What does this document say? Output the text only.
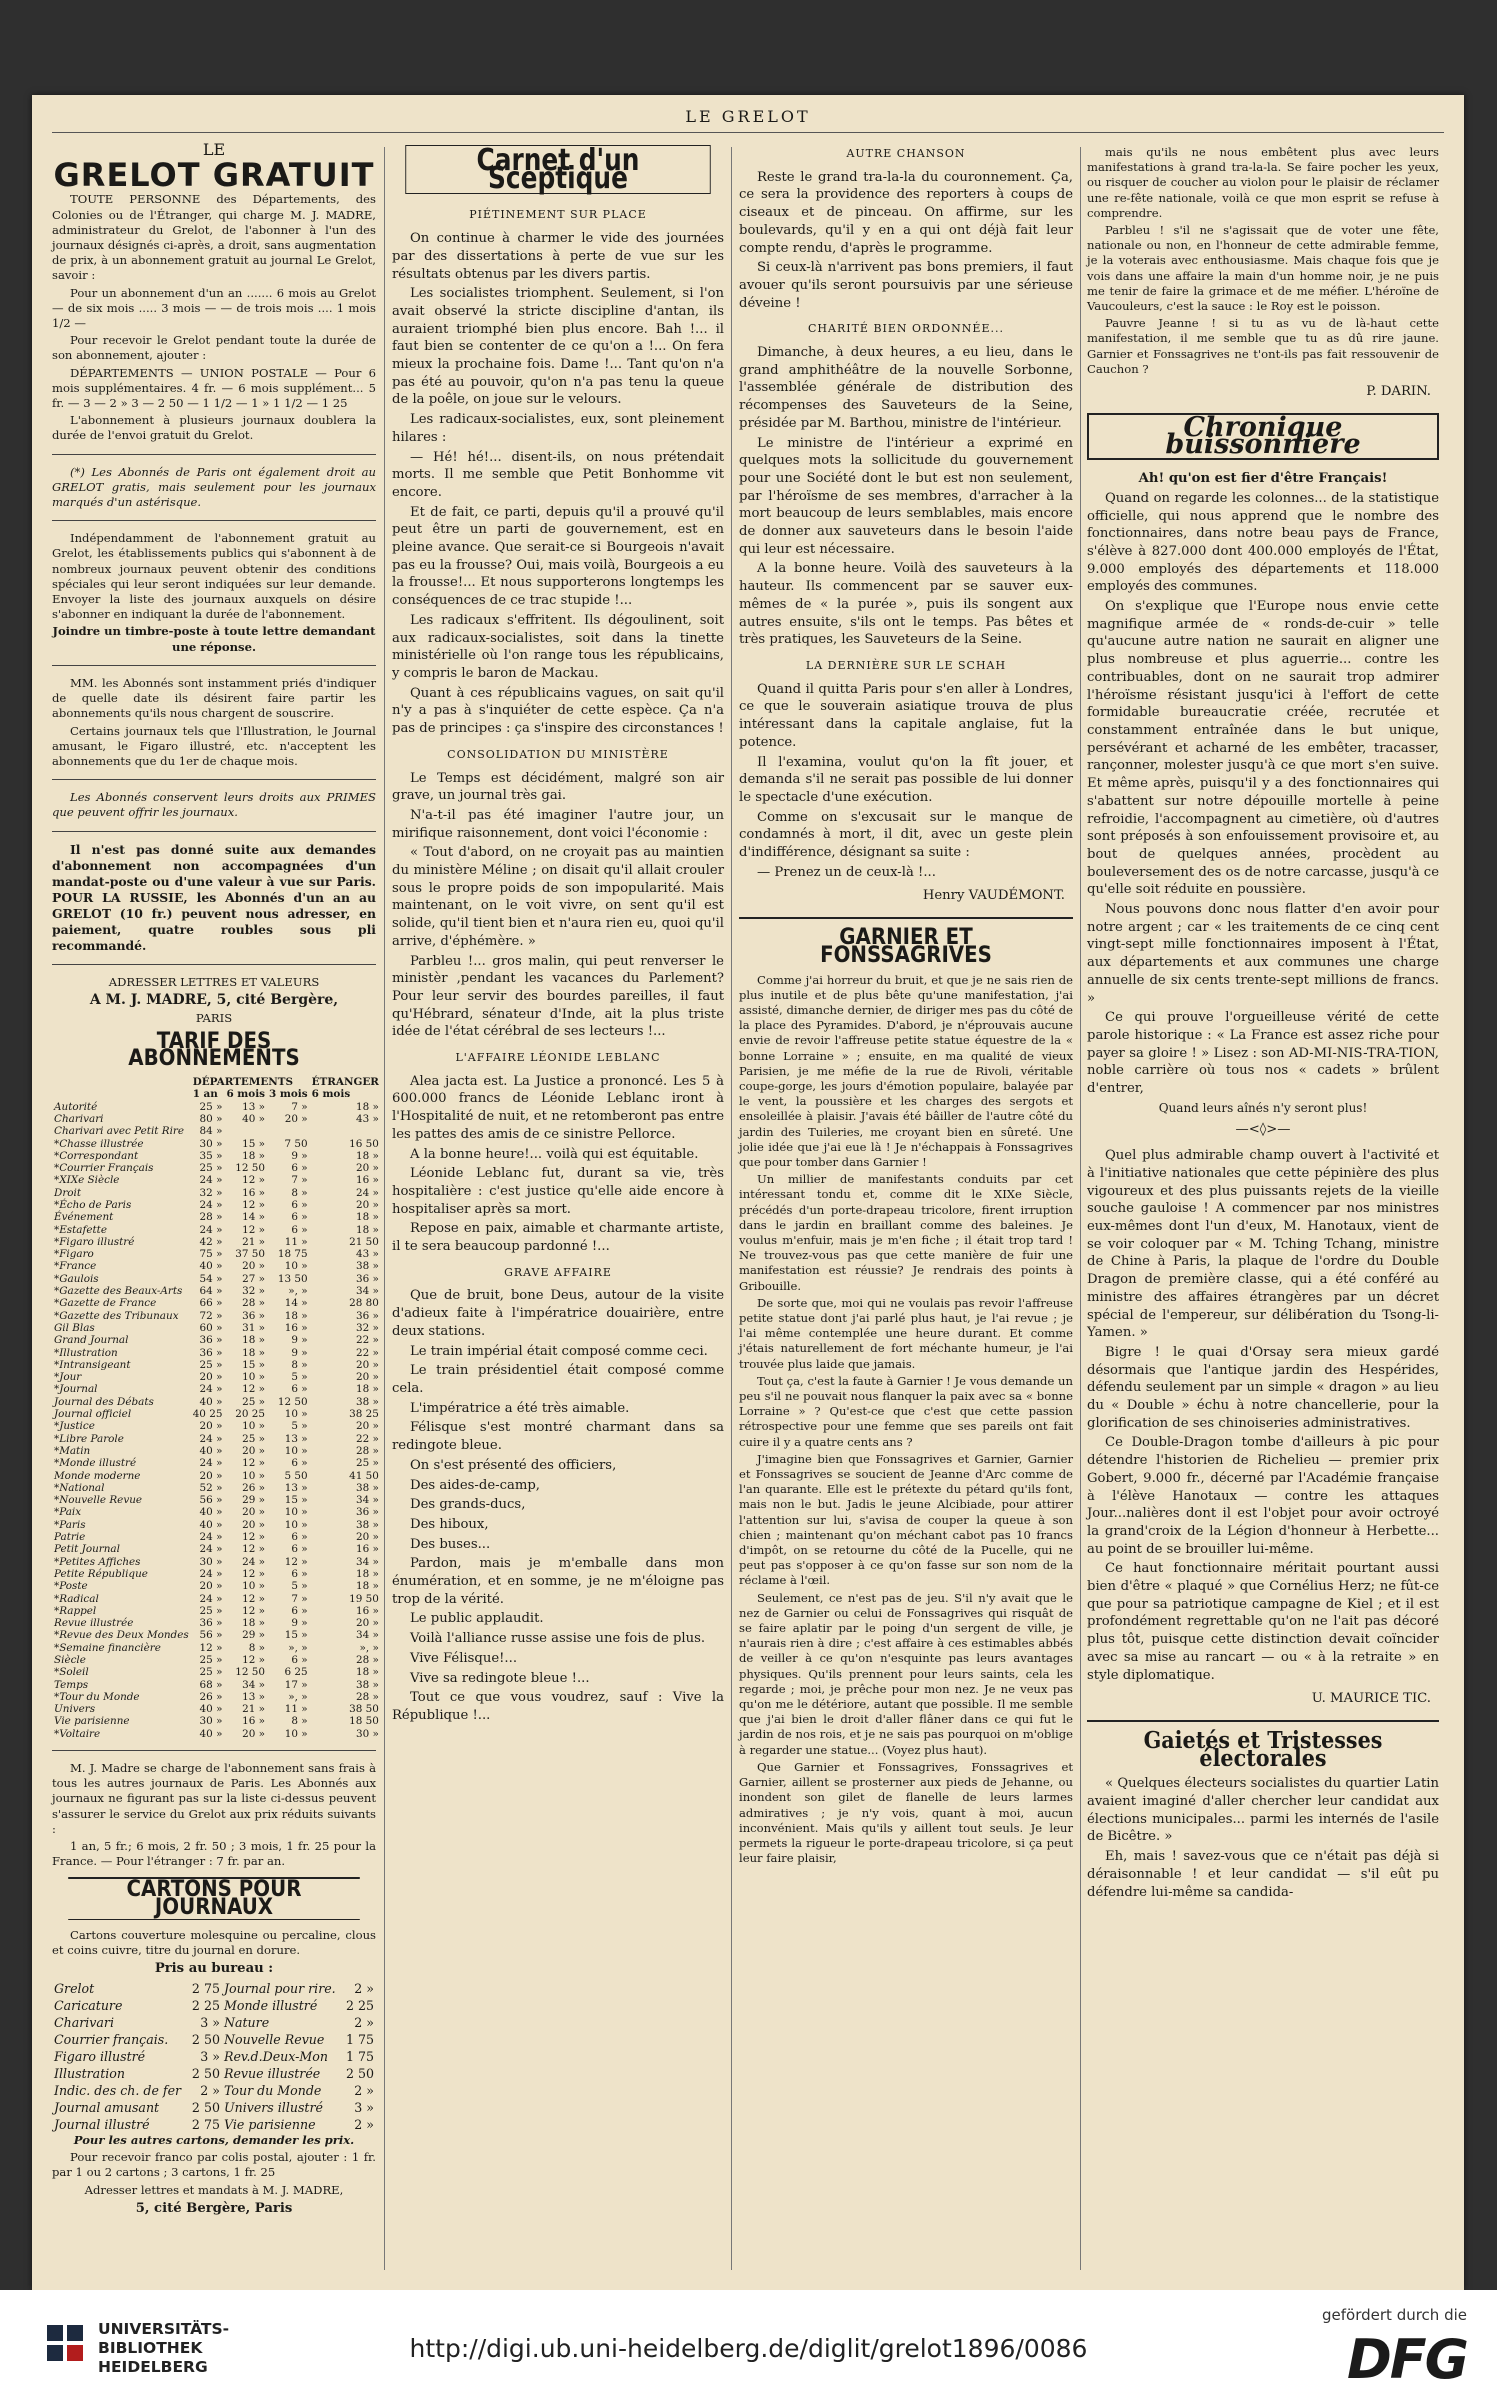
LE GRELOT
LE
GRELOT GRATUIT

TOUTE PERSONNE des Départements, des Colonies ou de l'Étranger, qui charge M. J. MADRE, administrateur du Grelot, de l'abonner à l'un des journaux désignés ci-après, a droit, sans augmentation de prix, à un abonnement gratuit au journal Le Grelot, savoir :

Pour un abonnement d'un an ....... 6 mois au Grelot — de six mois ..... 3 mois — — de trois mois .... 1 mois 1/2 —

Pour recevoir le Grelot pendant toute la durée de son abonnement, ajouter :

DÉPARTEMENTS — UNION POSTALE — Pour 6 mois supplémentaires. 4 fr. — 6 mois supplément... 5 fr. — 3 — 2 » 3 — 2 50 — 1 1/2 — 1 » 1 1/2 — 1 25

L'abonnement à plusieurs journaux doublera la durée de l'envoi gratuit du Grelot.

(*) Les Abonnés de Paris ont également droit au GRELOT gratis, mais seulement pour les journaux marqués d'un astérisque.

Indépendamment de l'abonnement gratuit au Grelot, les établissements publics qui s'abonnent à de nombreux journaux peuvent obtenir des conditions spéciales qui leur seront indiquées sur leur demande. Envoyer la liste des journaux auxquels on désire s'abonner en indiquant la durée de l'abonnement.

Joindre un timbre-poste à toute lettre demandant une réponse.

MM. les Abonnés sont instamment priés d'indiquer de quelle date ils désirent faire partir les abonnements qu'ils nous chargent de souscrire.

Certains journaux tels que l'Illustration, le Journal amusant, le Figaro illustré, etc. n'acceptent les abonnements que du 1er de chaque mois.

Les Abonnés conservent leurs droits aux PRIMES que peuvent offrir les journaux.

Il n'est pas donné suite aux demandes d'abonnement non accompagnées d'un mandat-poste ou d'une valeur à vue sur Paris. POUR LA RUSSIE, les Abonnés d'un an au GRELOT (10 fr.) peuvent nous adresser, en paiement, quatre roubles sous pli recommandé.

ADRESSER LETTRES ET VALEURS

A M. J. MADRE, 5, cité Bergère,

PARIS

TARIF DES ABONNEMENTS
	DÉPARTEMENTS			ÉTRANGER
	1 an	6 mois	3 mois	6 mois
Autorité	25 »	13 »	7 »	18 »
Charivari	80 »	40 »	20 »	43 »
Charivari avec Petit Rire	84 »			
*Chasse illustrée	30 »	15 »	7 50	16 50
*Correspondant	35 »	18 »	9 »	18 »
*Courrier Français	25 »	12 50	6 »	20 »
*XIXe Siècle	24 »	12 »	7 »	16 »
Droit	32 »	16 »	8 »	24 »
*Écho de Paris	24 »	12 »	6 »	20 »
Événement	28 »	14 »	6 »	18 »
*Estafette	24 »	12 »	6 »	18 »
*Figaro illustré	42 »	21 »	11 »	21 50
*Figaro	75 »	37 50	18 75	43 »
*France	40 »	20 »	10 »	38 »
*Gaulois	54 »	27 »	13 50	36 »
*Gazette des Beaux-Arts	64 »	32 »	», »	34 »
*Gazette de France	66 »	28 »	14 »	28 80
*Gazette des Tribunaux	72 »	36 »	18 »	36 »
Gil Blas	60 »	31 »	16 »	32 »
Grand Journal	36 »	18 »	9 »	22 »
*Illustration	36 »	18 »	9 »	22 »
*Intransigeant	25 »	15 »	8 »	20 »
*Jour	20 »	10 »	5 »	20 »
*Journal	24 »	12 »	6 »	18 »
Journal des Débats	40 »	25 »	12 50	38 »
Journal officiel	40 25	20 25	10 »	38 25
*Justice	20 »	10 »	5 »	20 »
*Libre Parole	24 »	25 »	13 »	22 »
*Matin	40 »	20 »	10 »	28 »
*Monde illustré	24 »	12 »	6 »	25 »
Monde moderne	20 »	10 »	5 50	41 50
*National	52 »	26 »	13 »	38 »
*Nouvelle Revue	56 »	29 »	15 »	34 »
*Paix	40 »	20 »	10 »	36 »
*Paris	40 »	20 »	10 »	38 »
Patrie	24 »	12 »	6 »	20 »
Petit Journal	24 »	12 »	6 »	16 »
*Petites Affiches	30 »	24 »	12 »	34 »
Petite République	24 »	12 »	6 »	18 »
*Poste	20 »	10 »	5 »	18 »
*Radical	24 »	12 »	7 »	19 50
*Rappel	25 »	12 »	6 »	16 »
Revue illustrée	36 »	18 »	9 »	20 »
*Revue des Deux Mondes	56 »	29 »	15 »	34 »
*Semaine financière	12 »	8 »	», »	», »
Siècle	25 »	12 »	6 »	28 »
*Soleil	25 »	12 50	6 25	18 »
Temps	68 »	34 »	17 »	38 »
*Tour du Monde	26 »	13 »	», »	28 »
Univers	40 »	21 »	11 »	38 50
Vie parisienne	30 »	16 »	8 »	18 50
*Voltaire	40 »	20 »	10 »	30 »

M. J. Madre se charge de l'abonnement sans frais à tous les autres journaux de Paris. Les Abonnés aux journaux ne figurant pas sur la liste ci-dessus peuvent s'assurer le service du Grelot aux prix réduits suivants :

1 an, 5 fr.; 6 mois, 2 fr. 50 ; 3 mois, 1 fr. 25 pour la France. — Pour l'étranger : 7 fr. par an.

CARTONS POUR JOURNAUX

Cartons couverture molesquine ou percaline, clous et coins cuivre, titre du journal en dorure.

Pris au bureau :

Grelot	2 75	Journal pour rire.	2 »
Caricature	2 25	Monde illustré	2 25
Charivari	3 »	Nature	2 »
Courrier français.	2 50	Nouvelle Revue	1 75
Figaro illustré	3 »	Rev.d.Deux-Mon	1 75
Illustration	2 50	Revue illustrée	2 50
Indic. des ch. de fer	2 »	Tour du Monde	2 »
Journal amusant	2 50	Univers illustré	3 »
Journal illustré	2 75	Vie parisienne	2 »

Pour les autres cartons, demander les prix.

Pour recevoir franco par colis postal, ajouter : 1 fr. par 1 ou 2 cartons ; 3 cartons, 1 fr. 25

Adresser lettres et mandats à M. J. MADRE,

5, cité Bergère, Paris

Carnet d'un Sceptique
PIÉTINEMENT SUR PLACE

On continue à charmer le vide des journées par des dissertations à perte de vue sur les résultats obtenus par les divers partis.

Les socialistes triomphent. Seulement, si l'on avait observé la stricte discipline d'antan, ils auraient triomphé bien plus encore. Bah !... il faut bien se contenter de ce qu'on a !... On fera mieux la prochaine fois. Dame !... Tant qu'on n'a pas été au pouvoir, qu'on n'a pas tenu la queue de la poêle, on joue sur le velours.

Les radicaux-socialistes, eux, sont pleinement hilares :

— Hé! hé!... disent-ils, on nous prétendait morts. Il me semble que Petit Bonhomme vit encore.

Et de fait, ce parti, depuis qu'il a prouvé qu'il peut être un parti de gouvernement, est en pleine avance. Que serait-ce si Bourgeois n'avait pas eu la frousse? Oui, mais voilà, Bourgeois a eu la frousse!... Et nous supporterons longtemps les conséquences de ce trac stupide !...

Les radicaux s'effritent. Ils dégoulinent, soit aux radicaux-socialistes, soit dans la tinette ministérielle où l'on range tous les républicains, y compris le baron de Mackau.

Quant à ces républicains vagues, on sait qu'il n'y a pas à s'inquiéter de cette espèce. Ça n'a pas de principes : ça s'inspire des circonstances !

CONSOLIDATION DU MINISTÈRE

Le Temps est décidément, malgré son air grave, un journal très gai.

N'a-t-il pas été imaginer l'autre jour, un mirifique raisonnement, dont voici l'économie :

« Tout d'abord, on ne croyait pas au maintien du ministère Méline ; on disait qu'il allait crouler sous le propre poids de son impopularité. Mais maintenant, on le voit vivre, on sent qu'il est solide, qu'il tient bien et n'aura rien eu, quoi qu'il arrive, d'éphémère. »

Parbleu !... gros malin, qui peut renverser le ministèr ,pendant les vacances du Parlement? Pour leur servir des bourdes pareilles, il faut qu'Hébrard, sénateur d'Inde, ait la plus triste idée de l'état cérébral de ses lecteurs !...

L'AFFAIRE LÉONIDE LEBLANC

Alea jacta est. La Justice a prononcé. Les 5 à 600.000 francs de Léonide Leblanc iront à l'Hospitalité de nuit, et ne retomberont pas entre les pattes des amis de ce sinistre Pellorce.

A la bonne heure!... voilà qui est équitable.

Léonide Leblanc fut, durant sa vie, très hospitalière : c'est justice qu'elle aide encore à hospitaliser après sa mort.

Repose en paix, aimable et charmante artiste, il te sera beaucoup pardonné !...

GRAVE AFFAIRE

Que de bruit, bone Deus, autour de la visite d'adieux faite à l'impératrice douairière, entre deux stations.

Le train impérial était composé comme ceci.

Le train présidentiel était composé comme cela.

L'impératrice a été très aimable.

Félisque s'est montré charmant dans sa redingote bleue.

On s'est présenté des officiers,

Des aides-de-camp,

Des grands-ducs,

Des hiboux,

Des buses...

Pardon, mais je m'emballe dans mon énumération, et en somme, je ne m'éloigne pas trop de la vérité.

Le public applaudit.

Voilà l'alliance russe assise une fois de plus.

Vive Félisque!...

Vive sa redingote bleue !...

Tout ce que vous voudrez, sauf : Vive la République !...

AUTRE CHANSON

Reste le grand tra-la-la du couronnement. Ça, ce sera la providence des reporters à coups de ciseaux et de pinceau. On affirme, sur les boulevards, qu'il y en a qui ont déjà fait leur compte rendu, d'après le programme.

Si ceux-là n'arrivent pas bons premiers, il faut avouer qu'ils seront poursuivis par une sérieuse déveine !

CHARITÉ BIEN ORDONNÉE...

Dimanche, à deux heures, a eu lieu, dans le grand amphithéâtre de la nouvelle Sorbonne, l'assemblée générale de distribution des récompenses des Sauveteurs de la Seine, présidée par M. Barthou, ministre de l'intérieur.

Le ministre de l'intérieur a exprimé en quelques mots la sollicitude du gouvernement pour une Société dont le but est non seulement, par l'héroïsme de ses membres, d'arracher à la mort beaucoup de leurs semblables, mais encore de donner aux sauveteurs dans le besoin l'aide qui leur est nécessaire.

A la bonne heure. Voilà des sauveteurs à la hauteur. Ils commencent par se sauver eux-mêmes de « la purée », puis ils songent aux autres ensuite, s'ils ont le temps. Pas bêtes et très pratiques, les Sauveteurs de la Seine.

LA DERNIÈRE SUR LE SCHAH

Quand il quitta Paris pour s'en aller à Londres, ce que le souverain asiatique trouva de plus intéressant dans la capitale anglaise, fut la potence.

Il l'examina, voulut qu'on la fît jouer, et demanda s'il ne serait pas possible de lui donner le spectacle d'une exécution.

Comme on s'excusait sur le manque de condamnés à mort, il dit, avec un geste plein d'indifférence, désignant sa suite :

— Prenez un de ceux-là !...

Henry VAUDÉMONT.
GARNIER ET FONSSAGRIVES

Comme j'ai horreur du bruit, et que je ne sais rien de plus inutile et de plus bête qu'une manifestation, j'ai assisté, dimanche dernier, de diriger mes pas du côté de la place des Pyramides. D'abord, je n'éprouvais aucune envie de revoir l'affreuse petite statue équestre de la « bonne Lorraine » ; ensuite, en ma qualité de vieux Parisien, je me méfie de la rue de Rivoli, véritable coupe-gorge, les jours d'émotion populaire, balayée par le vent, la poussière et les charges des sergots et ensoleillée à plaisir. J'avais été bâiller de l'autre côté du jardin des Tuileries, me croyant bien en sûreté. Une jolie idée que j'ai eue là ! Je n'échappais à Fonssagrives que pour tomber dans Garnier !

Un millier de manifestants conduits par cet intéressant tondu et, comme dit le XIXe Siècle, précédés d'un porte-drapeau tricolore, firent irruption dans le jardin en braillant comme des baleines. Je voulus m'enfuir, mais je m'en fiche ; il était trop tard ! Ne trouvez-vous pas que cette manière de fuir une manifestation est réussie? Je rendrais des points à Gribouille.

De sorte que, moi qui ne voulais pas revoir l'affreuse petite statue dont j'ai parlé plus haut, je l'ai revue ; je l'ai même contemplée une heure durant. Et comme j'étais naturellement de fort méchante humeur, je l'ai trouvée plus laide que jamais.

Tout ça, c'est la faute à Garnier ! Je vous demande un peu s'il ne pouvait nous flanquer la paix avec sa « bonne Lorraine » ? Qu'est-ce que c'est que cette passion rétrospective pour une femme que ses pareils ont fait cuire il y a quatre cents ans ?

J'imagine bien que Fonssagrives et Garnier, Garnier et Fonssagrives se soucient de Jeanne d'Arc comme de l'an quarante. Elle est le prétexte du pétard qu'ils font, mais non le but. Jadis le jeune Alcibiade, pour attirer l'attention sur lui, s'avisa de couper la queue à son chien ; maintenant qu'on méchant cabot pas 10 francs d'impôt, on se retourne du côté de la Pucelle, qui ne peut pas s'opposer à ce qu'on fasse sur son nom de la réclame à l'œil.

Seulement, ce n'est pas de jeu. S'il n'y avait que le nez de Garnier ou celui de Fonssagrives qui risquât de se faire aplatir par le poing d'un sergent de ville, je n'aurais rien à dire ; c'est affaire à ces estimables abbés de veiller à ce qu'on n'esquinte pas leurs avantages physiques. Qu'ils prennent pour leurs saints, cela les regarde ; moi, je prêche pour mon nez. Je ne veux pas qu'on me le détériore, autant que possible. Il me semble que j'ai bien le droit d'aller flâner dans ce qui fut le jardin de nos rois, et je ne sais pas pourquoi on m'oblige à regarder une statue... (Voyez plus haut).

Que Garnier et Fonssagrives, Fonssagrives et Garnier, aillent se prosterner aux pieds de Jehanne, ou inondent son gilet de flanelle de leurs larmes admiratives ; je n'y vois, quant à moi, aucun inconvénient. Mais qu'ils y aillent tout seuls. Je leur permets la rigueur le porte-drapeau tricolore, si ça peut leur faire plaisir,

mais qu'ils ne nous embêtent plus avec leurs manifestations à grand tra-la-la. Se faire pocher les yeux, ou risquer de coucher au violon pour le plaisir de réclamer une re-fête nationale, voilà ce que mon esprit se refuse à comprendre.

Parbleu ! s'il ne s'agissait que de voter une fête, nationale ou non, en l'honneur de cette admirable femme, je la voterais avec enthousiasme. Mais chaque fois que je vois dans une affaire la main d'un homme noir, je ne puis me tenir de faire la grimace et de me méfier. L'héroïne de Vaucouleurs, c'est la sauce : le Roy est le poisson.

Pauvre Jeanne ! si tu as vu de là-haut cette manifestation, il me semble que tu as dû rire jaune. Garnier et Fonssagrives ne t'ont-ils pas fait ressouvenir de Cauchon ?

P. DARIN.
Chronique buissonnière

Ah! qu'on est fier d'être Français!

Quand on regarde les colonnes... de la statistique officielle, qui nous apprend que le nombre des fonctionnaires, dans notre beau pays de France, s'élève à 827.000 dont 400.000 employés de l'État, 9.000 employés des départements et 118.000 employés des communes.

On s'explique que l'Europe nous envie cette magnifique armée de « ronds-de-cuir » telle qu'aucune autre nation ne saurait en aligner une plus nombreuse et plus aguerrie... contre les contribuables, dont on ne saurait trop admirer l'héroïsme résistant jusqu'ici à l'effort de cette formidable bureaucratie créée, recrutée et constamment entraînée dans le but unique, persévérant et acharné de les embêter, tracasser, rançonner, molester jusqu'à ce que mort s'en suive. Et même après, puisqu'il y a des fonctionnaires qui s'abattent sur notre dépouille mortelle à peine refroidie, l'accompagnent au cimetière, où d'autres sont préposés à son enfouissement provisoire et, au bout de quelques années, procèdent au bouleversement des os de notre carcasse, jusqu'à ce qu'elle soit réduite en poussière.

Nous pouvons donc nous flatter d'en avoir pour notre argent ; car « les traitements de ce cinq cent vingt-sept mille fonctionnaires imposent à l'État, aux départements et aux communes une charge annuelle de six cents trente-sept millions de francs. »

Ce qui prouve l'orgueilleuse vérité de cette parole historique : « La France est assez riche pour payer sa gloire ! » Lisez : son AD-MI-NIS-TRA-TION, noble carrière où tous nos « cadets » brûlent d'entrer,

Quand leurs aînés n'y seront plus!

—<◊>—

Quel plus admirable champ ouvert à l'activité et à l'initiative nationales que cette pépinière des plus vigoureux et des plus puissants rejets de la vieille souche gauloise ! A commencer par nos ministres eux-mêmes dont l'un d'eux, M. Hanotaux, vient de se voir coloquer par « M. Tching Tchang, ministre de Chine à Paris, la plaque de l'ordre du Double Dragon de première classe, qui a été conféré au ministre des affaires étrangères par un décret spécial de l'empereur, sur délibération du Tsong-li-Yamen. »

Bigre ! le quai d'Orsay sera mieux gardé désormais que l'antique jardin des Hespérides, défendu seulement par un simple « dragon » au lieu du « Double » échu à notre chancellerie, pour la glorification de ses chinoiseries administratives.

Ce Double-Dragon tombe d'ailleurs à pic pour détendre l'historien de Richelieu — premier prix Gobert, 9.000 fr., décerné par l'Académie française à l'élève Hanotaux — contre les attaques Jour...nalières dont il est l'objet pour avoir octroyé la grand'croix de la Légion d'honneur à Herbette... au point de se brouiller lui-même.

Ce haut fonctionnaire méritait pourtant aussi bien d'être « plaqué » que Cornélius Herz; ne fût-ce que pour sa patriotique campagne de Kiel ; et il est profondément regrettable qu'on ne l'ait pas décoré plus tôt, puisque cette distinction devait coïncider avec sa mise au rancart — ou « à la retraite » en style diplomatique.

U. MAURICE TIC.
Gaietés et Tristesses électorales

« Quelques électeurs socialistes du quartier Latin avaient imaginé d'aller chercher leur candidat aux élections municipales... parmi les internés de l'asile de Bicêtre. »

Eh, mais ! savez-vous que ce n'était pas déjà si déraisonnable ! et leur candidat — s'il eût pu défendre lui-même sa candida-

UNIVERSITÄTS-
BIBLIOTHEK
HEIDELBERG
http://digi.ub.uni-heidelberg.de/diglit/grelot1896/0086
gefördert durch die
DFG
